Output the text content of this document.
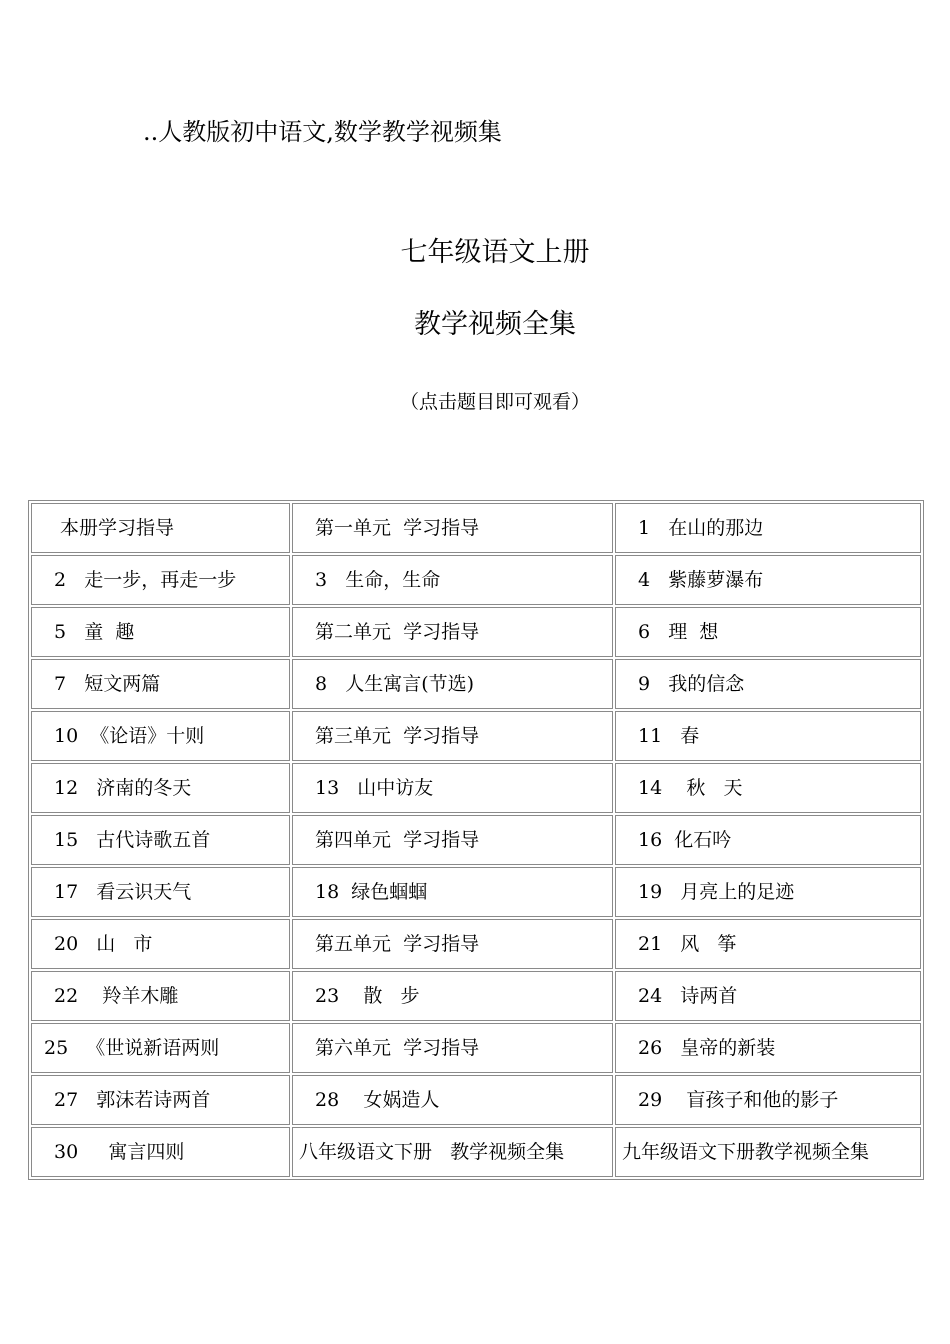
..人教版初中语文,数学教学视频集
七年级语文上册
教学视频全集
（点击题目即可观看）
本册学习指导	第一单元  学习指导	1   在山的那边
2   走一步，再走一步	3   生命，生命	4   紫藤萝瀑布
5   童  趣	第二单元  学习指导	6   理  想
7   短文两篇	8   人生寓言(节选)	9   我的信念
10  《论语》十则	第三单元  学习指导	11   春
12   济南的冬天	13   山中访友	14    秋   天
15   古代诗歌五首	第四单元  学习指导	16  化石吟
17   看云识天气	18  绿色蝈蝈	19   月亮上的足迹
20   山   市	第五单元  学习指导	21   风   筝
22    羚羊木雕	23    散   步	24   诗两首
25   《世说新语两则	第六单元  学习指导	26   皇帝的新装
27   郭沫若诗两首	28    女娲造人	29    盲孩子和他的影子
30     寓言四则	八年级语文下册   教学视频全集	九年级语文下册教学视频全集
